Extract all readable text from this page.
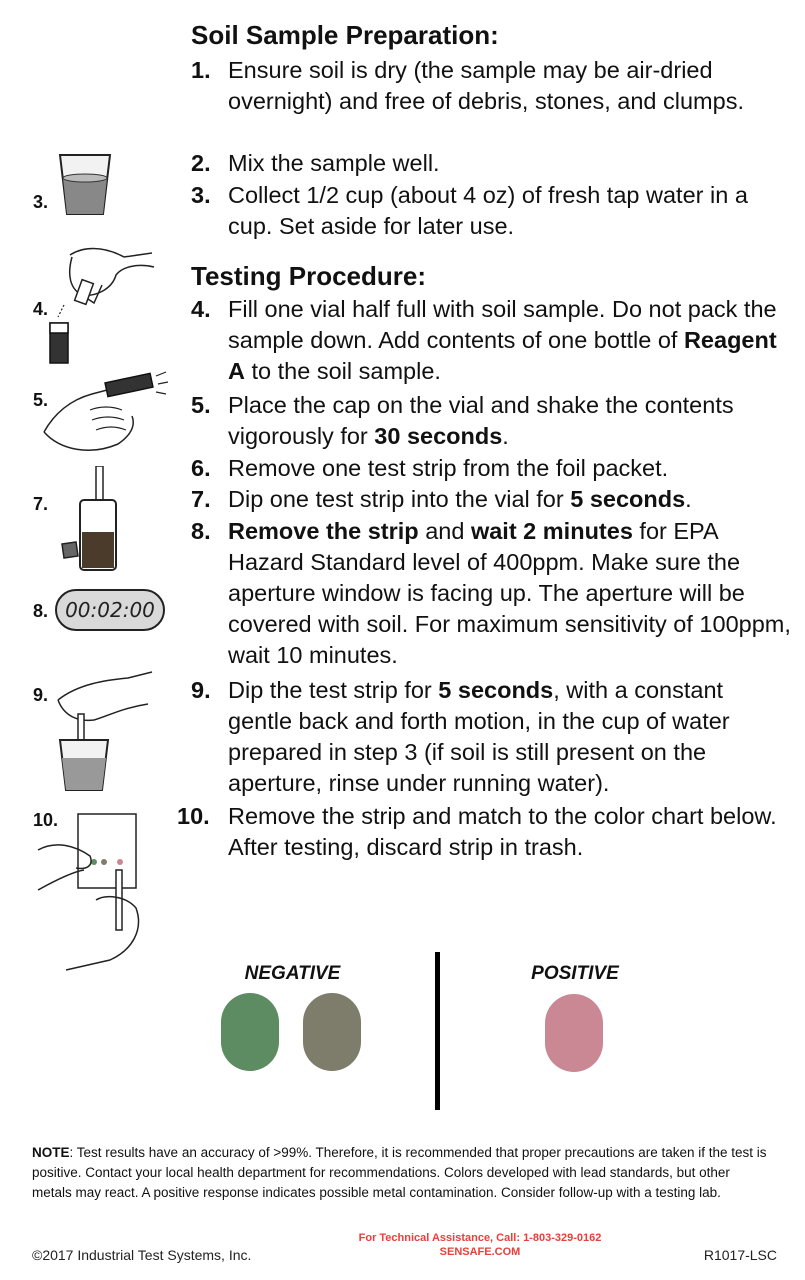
Soil Sample Preparation:
1. Ensure soil is dry (the sample may be air-dried overnight) and free of debris, stones, and clumps.
2. Mix the sample well.
3. Collect 1/2 cup (about 4 oz) of fresh tap water in a cup. Set aside for later use.
Testing Procedure:
4. Fill one vial half full with soil sample. Do not pack the sample down. Add contents of one bottle of Reagent A to the soil sample.
5. Place the cap on the vial and shake the contents vigorously for 30 seconds.
6. Remove one test strip from the foil packet.
7. Dip one test strip into the vial for 5 seconds.
8. Remove the strip and wait 2 minutes for EPA Hazard Standard level of 400ppm. Make sure the aperture window is facing up. The aperture will be covered with soil. For maximum sensitivity of 100ppm, wait 10 minutes.
9. Dip the test strip for 5 seconds, with a constant gentle back and forth motion, in the cup of water prepared in step 3 (if soil is still present on the aperture, rinse under running water).
10. Remove the strip and match to the color chart below. After testing, discard strip in trash.
3.
4.
5.
7.
8. 00:02:00
9.
10.
NEGATIVE	POSITIVE
NOTE: Test results have an accuracy of >99%. Therefore, it is recommended that proper precautions are taken if the test is positive. Contact your local health department for recommendations. Colors developed with lead standards, but other metals may react. A positive response indicates possible metal contamination. Consider follow-up with a testing lab.
©2017 Industrial Test Systems, Inc.
For Technical Assistance, Call: 1-803-329-0162
SENSAFE.COM	R1017-LSC
